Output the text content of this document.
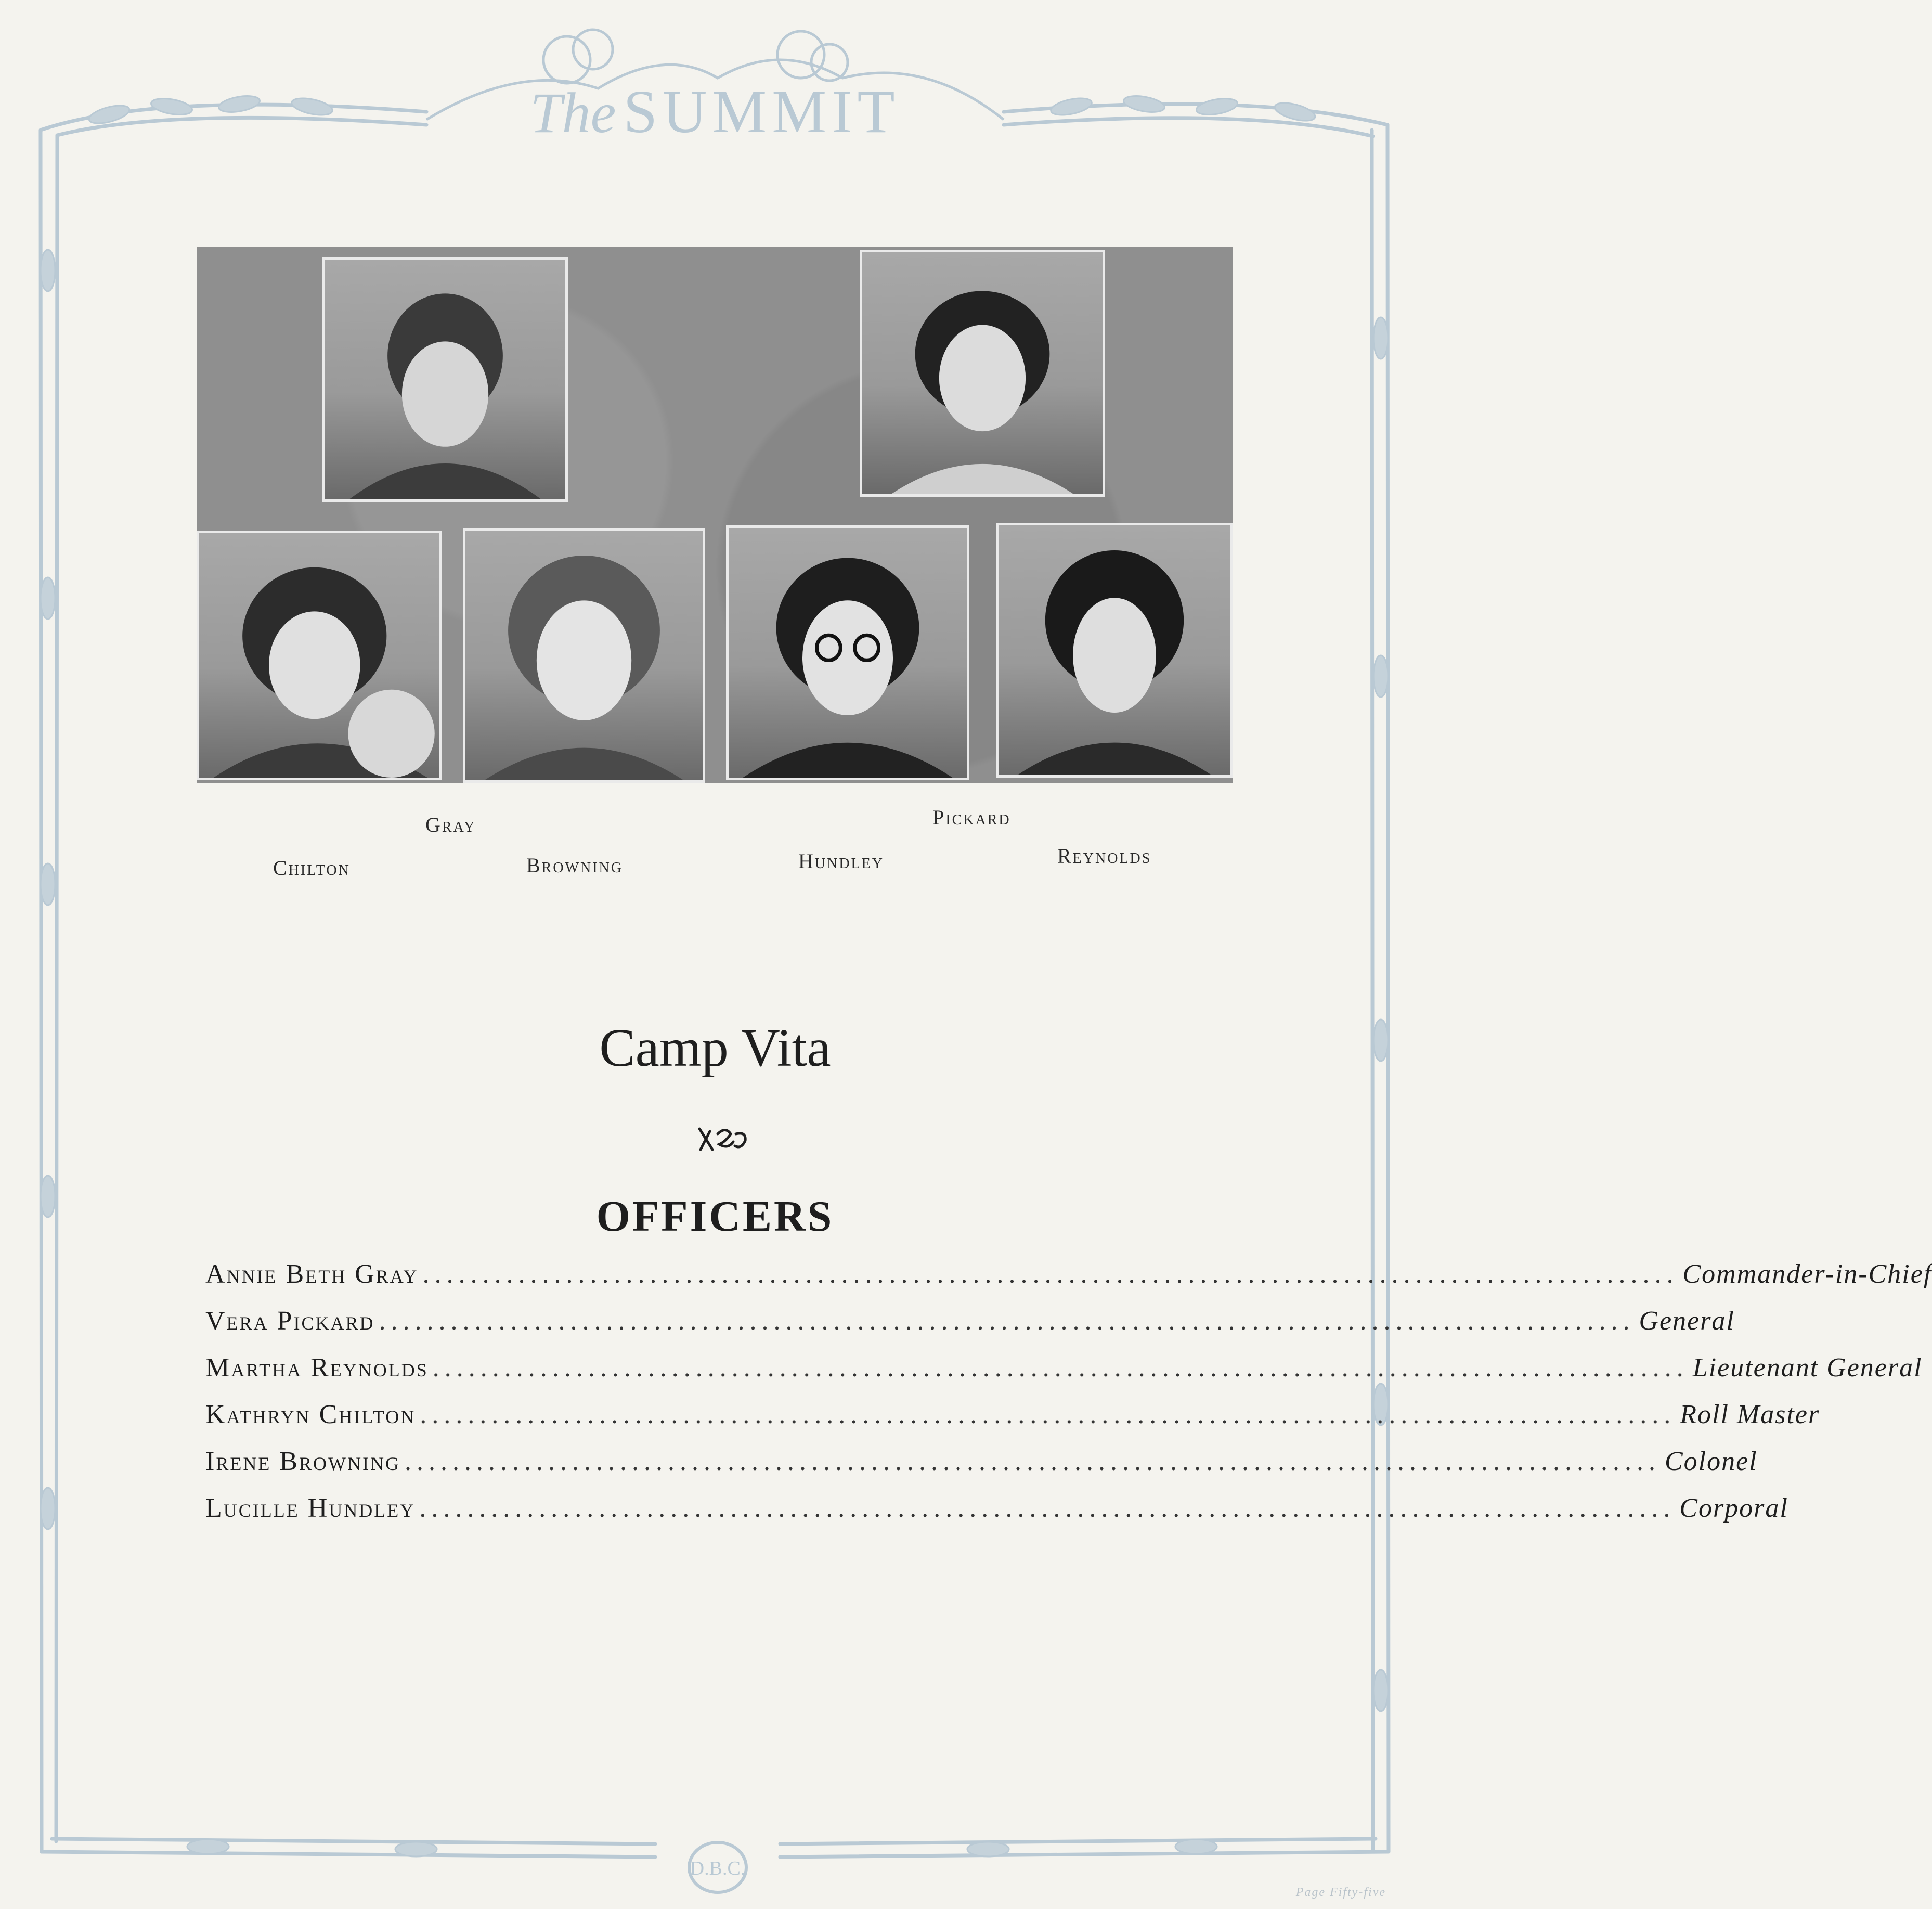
The SUMMIT
Gray	Pickard
Chilton	Browning	Hundley	Reynolds
Camp Vita
OFFICERS
Annie Beth Gray ......................................................................................................... Commander-in-Chief
Vera Pickard ......................................................................................................... General
Martha Reynolds ......................................................................................................... Lieutenant General
Kathryn Chilton ......................................................................................................... Roll Master
Irene Browning ......................................................................................................... Colonel
Lucille Hundley ......................................................................................................... Corporal
D.B.C.
Page Fifty-five
